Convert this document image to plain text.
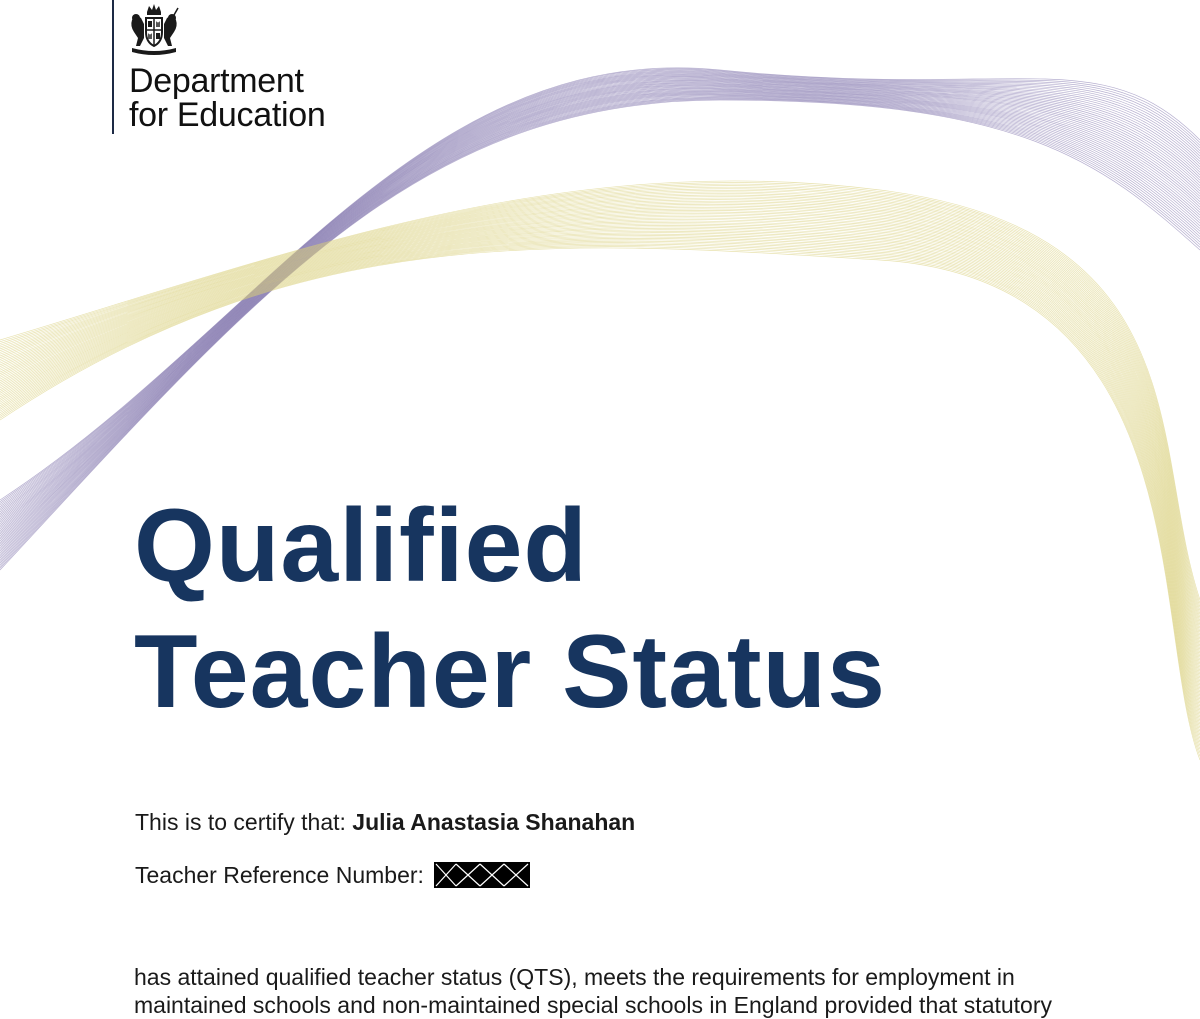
Department
for Education
Qualified
Teacher Status
This is to certify that: Julia Anastasia Shanahan
Teacher Reference Number:
has attained qualified teacher status (QTS), meets the requirements for employment in
maintained schools and non-maintained special schools in England provided that statutory
